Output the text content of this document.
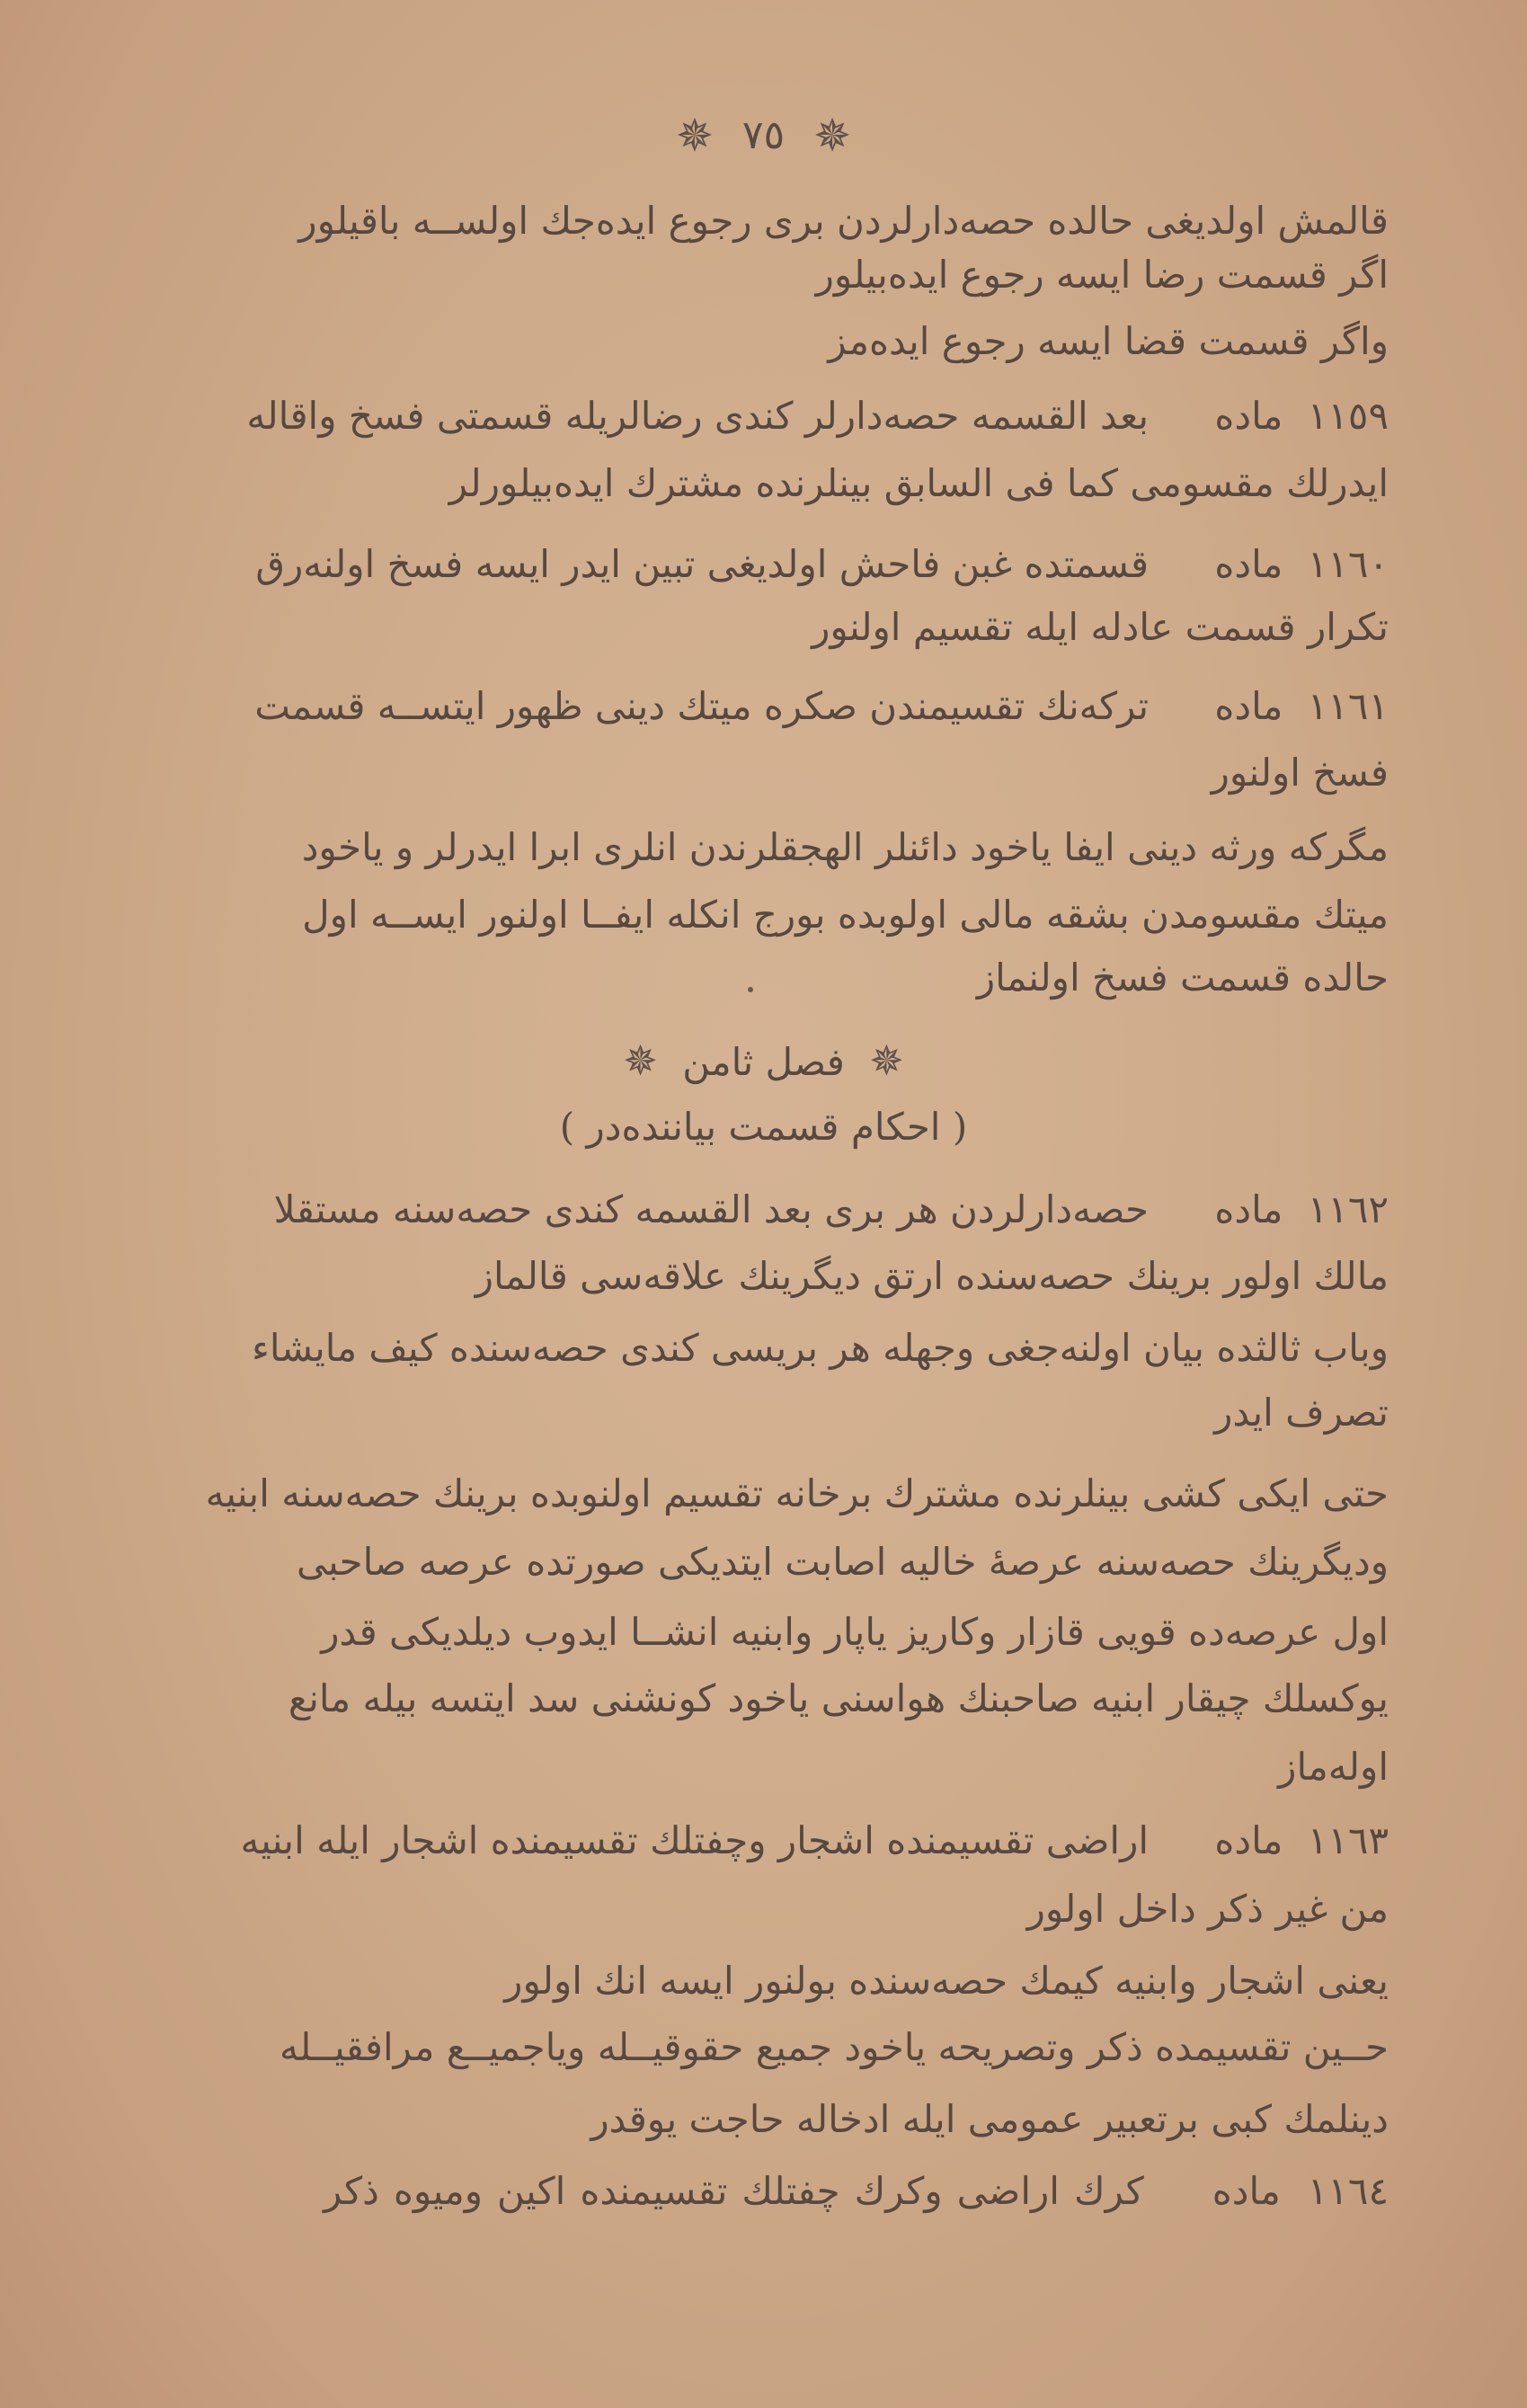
✵ ٧٥ ✵
قالمش اولدیغی حالده حصه‌دارلردن بری رجوع ایده‌جك اولســه باقیلور
اگر قسمت رضا ایسه رجوع ایده‌بیلور
واگر قسمت قضا ایسه رجوع ایده‌مز
١١٥٩ ماده بعد القسمه حصه‌دارلر کندی رضالریله قسمتی فسخ واقاله
ایدرلك مقسومی کما فی السابق بینلرنده مشترك ایده‌بیلورلر
١١٦٠ ماده قسمتده غبن فاحش اولدیغی تبین ایدر ایسه فسخ اولنه‌رق
تکرار قسمت عادله ایله تقسیم اولنور
١١٦١ ماده ترکه‌نك تقسیمندن صکره میتك دینی ظهور ایتســه قسمت
فسخ اولنور
مگرکه ورثه دینی ایفا یاخود دائنلر الهجقلرندن انلری ابرا ایدرلر و یاخود
میتك مقسومدن بشقه مالی اولوبده بورج انکله ایفــا اولنور ایســه اول
حالده قسمت فسخ اولنماز
✵ فصل ثامن ✵
( احکام قسمت بیاننده‌در )
١١٦٢ ماده حصه‌دارلردن هر بری بعد القسمه کندی حصه‌سنه مستقلا
مالك اولور برینك حصه‌سنده ارتق دیگرینك علاقه‌سی قالماز
وباب ثالثده بیان اولنه‌جغی وجهله هر بریسی کندی حصه‌سنده کیف مایشاء
تصرف ایدر
حتی ایکی کشی بینلرنده مشترك برخانه تقسیم اولنوبده برینك حصه‌سنه ابنیه
ودیگرینك حصه‌سنه عرصهٔ خالیه اصابت ایتدیکی صورتده عرصه صاحبی
اول عرصه‌ده قویی قازار وکاریز یاپار وابنیه انشــا ایدوب دیلدیکی قدر
یوکسلك چیقار ابنیه صاحبنك هواسنی یاخود کونشنی سد ایتسه بیله مانع
اوله‌ماز
١١٦٣ ماده اراضی تقسیمنده اشجار وچفتلك تقسیمنده اشجار ایله ابنیه
من غیر ذکر داخل اولور
یعنی اشجار وابنیه کیمك حصه‌سنده بولنور ایسه انك اولور
حــین تقسیمده ذکر وتصریحه یاخود جمیع حقوقیــله ویاجمیــع مرافقیــله
دینلمك کبی برتعبیر عمومی ایله ادخاله حاجت یوقدر
١١٦٤ ماده کرك اراضی وکرك چفتلك تقسیمنده اکین ومیوه ذکر
